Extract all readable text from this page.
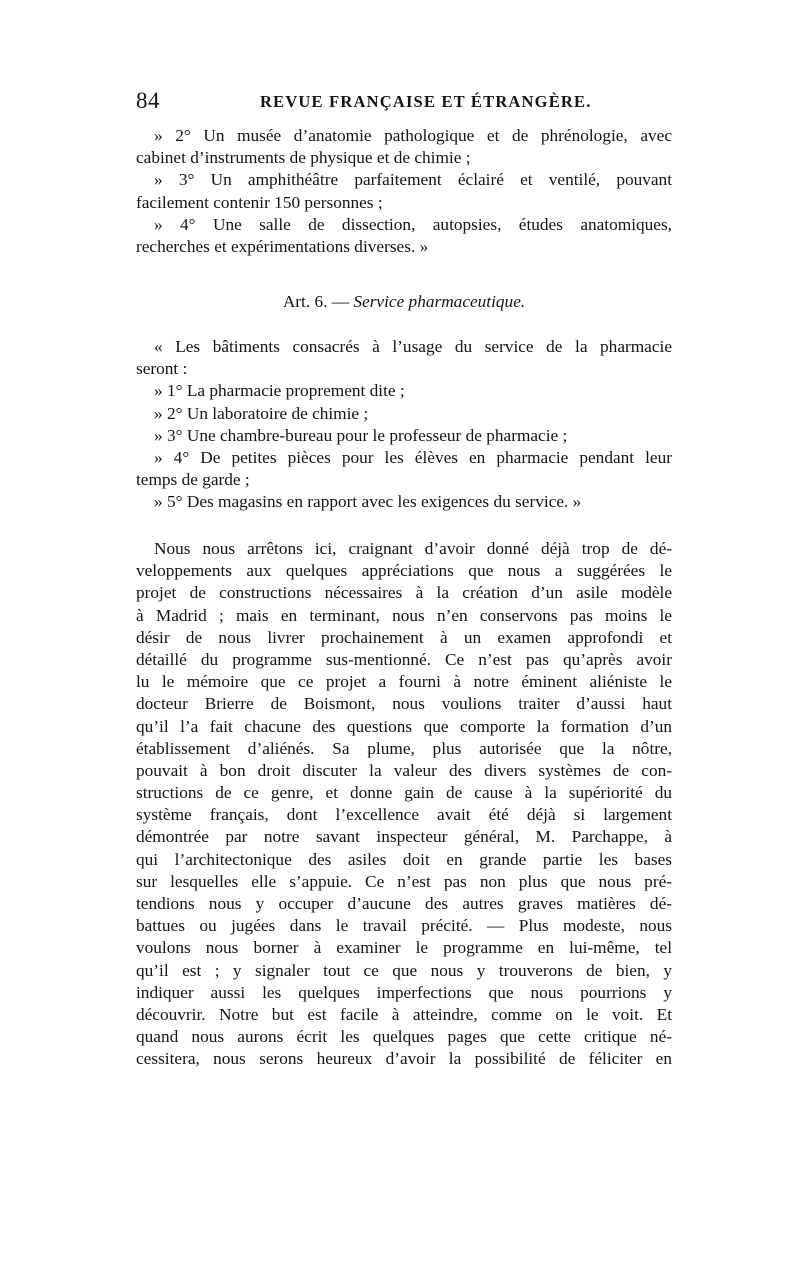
84	REVUE FRANÇAISE ET ÉTRANGÈRE.
» 2° Un musée d’anatomie pathologique et de phrénologie, avec
cabinet d’instruments de physique et de chimie ;
» 3° Un amphithéâtre parfaitement éclairé et ventilé, pouvant
facilement contenir 150 personnes ;
» 4° Une salle de dissection, autopsies, études anatomiques,
recherches et expérimentations diverses. »
Art. 6. — Service pharmaceutique.
« Les bâtiments consacrés à l’usage du service de la pharmacie
seront :
» 1° La pharmacie proprement dite ;
» 2° Un laboratoire de chimie ;
» 3° Une chambre-bureau pour le professeur de pharmacie ;
» 4° De petites pièces pour les élèves en pharmacie pendant leur
temps de garde ;
» 5° Des magasins en rapport avec les exigences du service. »
Nous nous arrêtons ici, craignant d’avoir donné déjà trop de dé-
veloppements aux quelques appréciations que nous a suggérées le
projet de constructions nécessaires à la création d’un asile modèle
à Madrid ; mais en terminant, nous n’en conservons pas moins le
désir de nous livrer prochainement à un examen approfondi et
détaillé du programme sus-mentionné. Ce n’est pas qu’après avoir
lu le mémoire que ce projet a fourni à notre éminent aliéniste le
docteur Brierre de Boismont, nous voulions traiter d’aussi haut
qu’il l’a fait chacune des questions que comporte la formation d’un
établissement d’aliénés. Sa plume, plus autorisée que la nôtre,
pouvait à bon droit discuter la valeur des divers systèmes de con-
structions de ce genre, et donne gain de cause à la supériorité du
système français, dont l’excellence avait été déjà si largement
démontrée par notre savant inspecteur général, M. Parchappe, à
qui l’architectonique des asiles doit en grande partie les bases
sur lesquelles elle s’appuie. Ce n’est pas non plus que nous pré-
tendions nous y occuper d’aucune des autres graves matières dé-
battues ou jugées dans le travail précité. — Plus modeste, nous
voulons nous borner à examiner le programme en lui-même, tel
qu’il est ; y signaler tout ce que nous y trouverons de bien, y
indiquer aussi les quelques imperfections que nous pourrions y
découvrir. Notre but est facile à atteindre, comme on le voit. Et
quand nous aurons écrit les quelques pages que cette critique né-
cessitera, nous serons heureux d’avoir la possibilité de féliciter en
